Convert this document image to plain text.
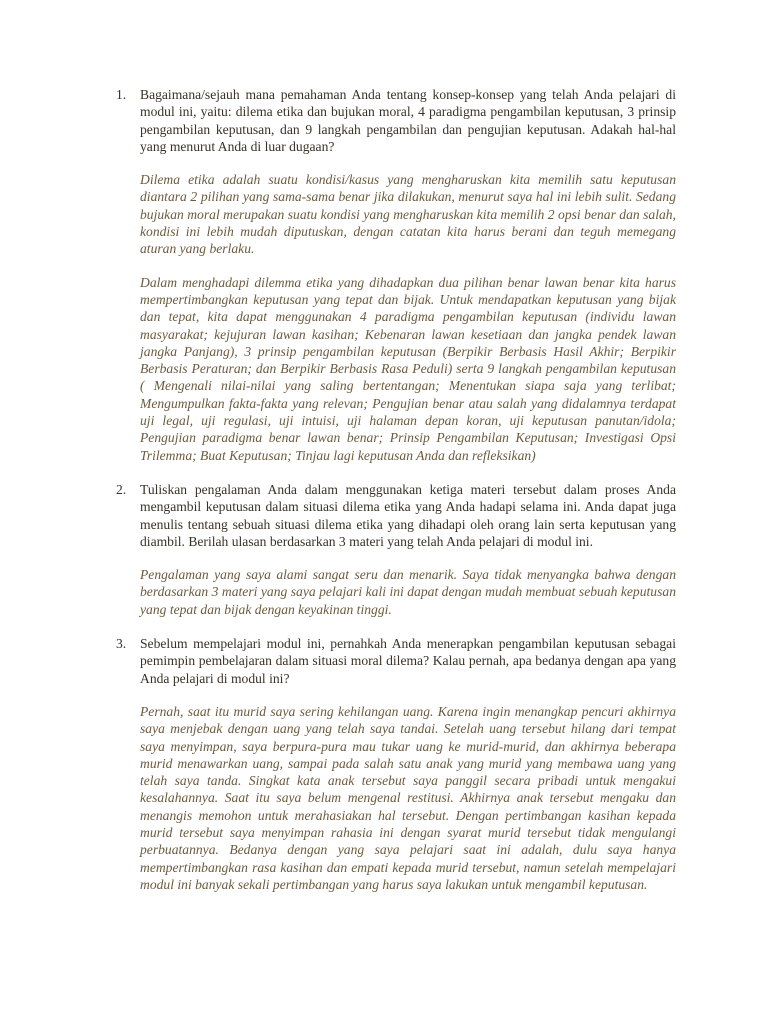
1. Bagaimana/sejauh mana pemahaman Anda tentang konsep-konsep yang telah Anda pelajari di modul ini, yaitu: dilema etika dan bujukan moral, 4 paradigma pengambilan keputusan, 3 prinsip pengambilan keputusan, dan 9 langkah pengambilan dan pengujian keputusan. Adakah hal-hal yang menurut Anda di luar dugaan?

Dilema etika adalah suatu kondisi/kasus yang mengharuskan kita memilih satu keputusan diantara 2 pilihan yang sama-sama benar jika dilakukan, menurut saya hal ini lebih sulit. Sedang bujukan moral merupakan suatu kondisi yang mengharuskan kita memilih 2 opsi benar dan salah, kondisi ini lebih mudah diputuskan, dengan catatan kita harus berani dan teguh memegang aturan yang berlaku.

Dalam menghadapi dilemma etika yang dihadapkan dua pilihan benar lawan benar kita harus mempertimbangkan keputusan yang tepat dan bijak. Untuk mendapatkan keputusan yang bijak dan tepat, kita dapat menggunakan 4 paradigma pengambilan keputusan (individu lawan masyarakat; kejujuran lawan kasihan; Kebenaran lawan kesetiaan dan jangka pendek lawan jangka Panjang), 3 prinsip pengambilan keputusan (Berpikir Berbasis Hasil Akhir; Berpikir Berbasis Peraturan; dan Berpikir Berbasis Rasa Peduli) serta 9 langkah pengambilan keputusan ( Mengenali nilai-nilai yang saling bertentangan; Menentukan siapa saja yang terlibat; Mengumpulkan fakta-fakta yang relevan; Pengujian benar atau salah yang didalamnya terdapat uji legal, uji regulasi, uji intuisi, uji halaman depan koran, uji keputusan panutan/idola; Pengujian paradigma benar lawan benar; Prinsip Pengambilan Keputusan; Investigasi Opsi Trilemma; Buat Keputusan; Tinjau lagi keputusan Anda dan refleksikan)

2. Tuliskan pengalaman Anda dalam menggunakan ketiga materi tersebut dalam proses Anda mengambil keputusan dalam situasi dilema etika yang Anda hadapi selama ini. Anda dapat juga menulis tentang sebuah situasi dilema etika yang dihadapi oleh orang lain serta keputusan yang diambil. Berilah ulasan berdasarkan 3 materi yang telah Anda pelajari di modul ini.

Pengalaman yang saya alami sangat seru dan menarik. Saya tidak menyangka bahwa dengan berdasarkan 3 materi yang saya pelajari kali ini dapat dengan mudah membuat sebuah keputusan yang tepat dan bijak dengan keyakinan tinggi.

3. Sebelum mempelajari modul ini, pernahkah Anda menerapkan pengambilan keputusan sebagai pemimpin pembelajaran dalam situasi moral dilema? Kalau pernah, apa bedanya dengan apa yang Anda pelajari di modul ini?

Pernah, saat itu murid saya sering kehilangan uang. Karena ingin menangkap pencuri akhirnya saya menjebak dengan uang yang telah saya tandai. Setelah uang tersebut hilang dari tempat saya menyimpan, saya berpura-pura mau tukar uang ke murid-murid, dan akhirnya beberapa murid menawarkan uang, sampai pada salah satu anak yang murid yang membawa uang yang telah saya tanda. Singkat kata anak tersebut saya panggil secara pribadi untuk mengakui kesalahannya. Saat itu saya belum mengenal restitusi. Akhirnya anak tersebut mengaku dan menangis memohon untuk merahasiakan hal tersebut. Dengan pertimbangan kasihan kepada murid tersebut saya menyimpan rahasia ini dengan syarat murid tersebut tidak mengulangi perbuatannya. Bedanya dengan yang saya pelajari saat ini adalah, dulu saya hanya mempertimbangkan rasa kasihan dan empati kepada murid tersebut, namun setelah mempelajari modul ini banyak sekali pertimbangan yang harus saya lakukan untuk mengambil keputusan.
